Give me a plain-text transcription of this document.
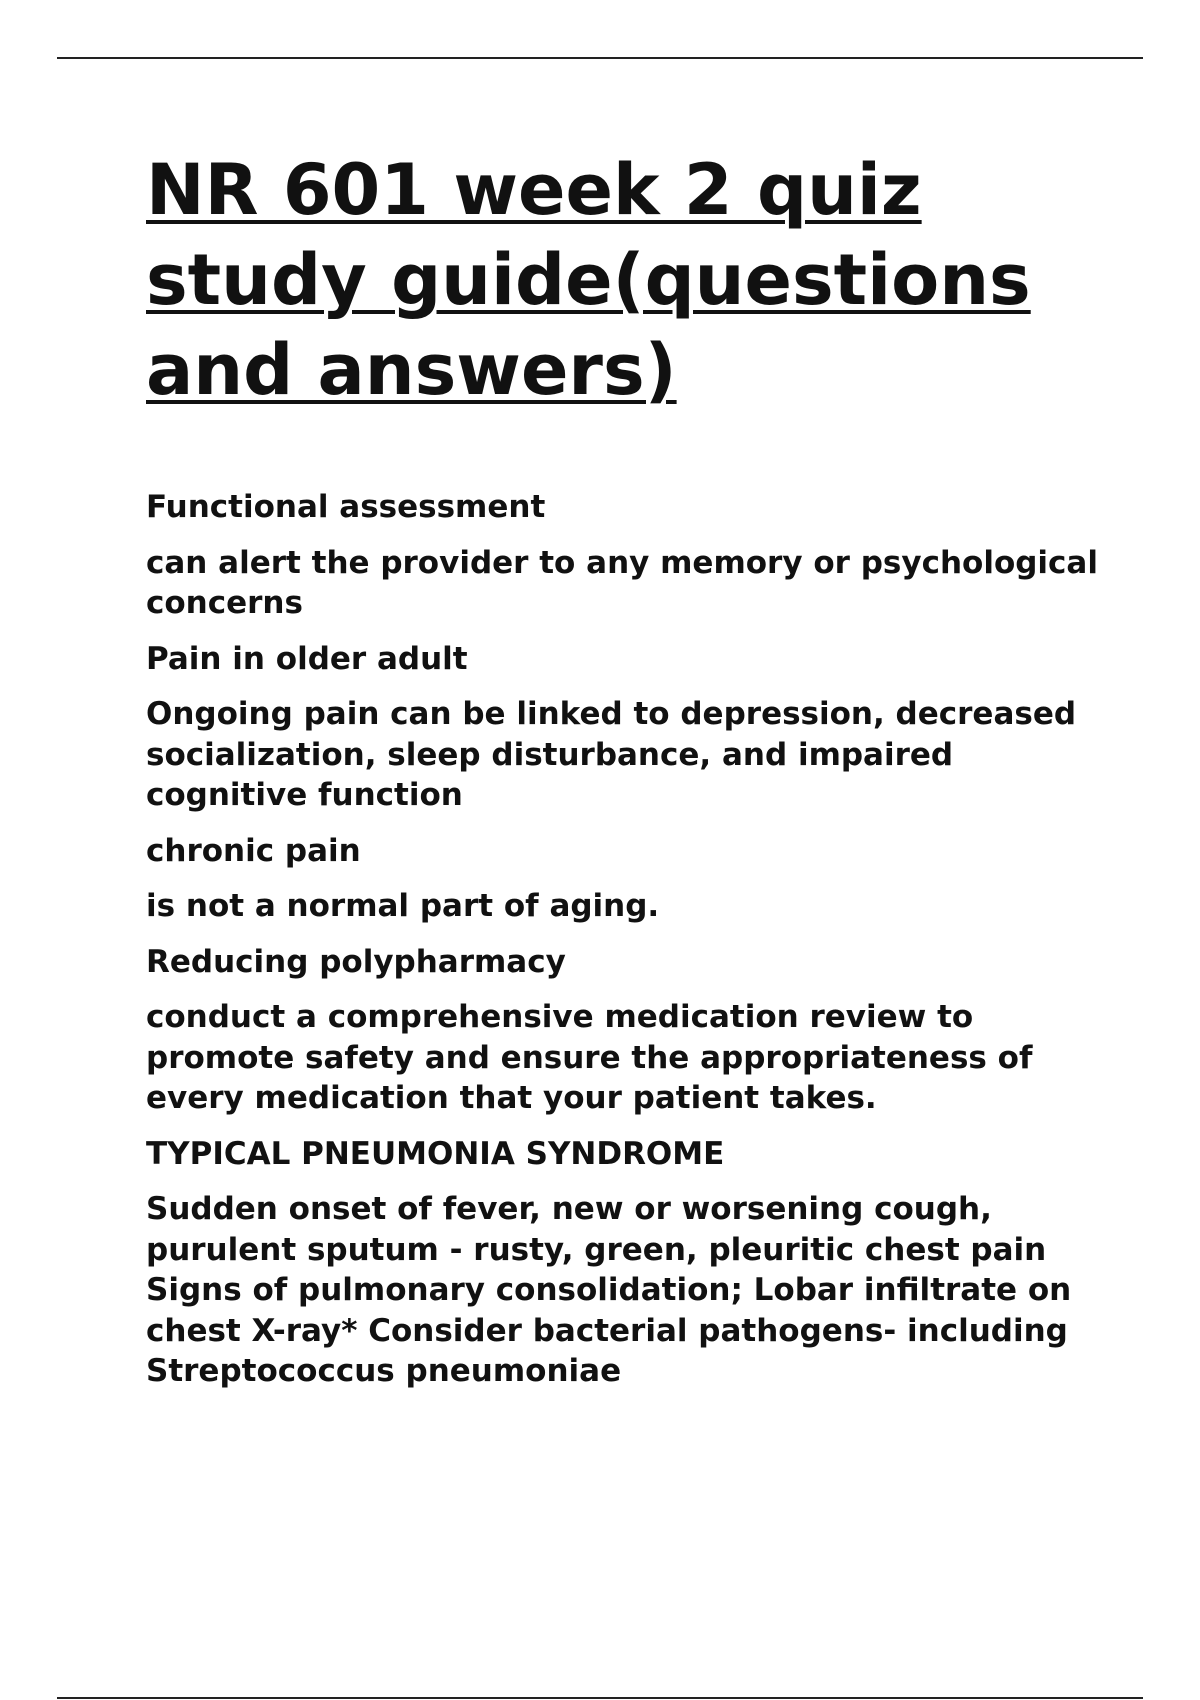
NR 601 week 2 quiz study guide(questions and answers)

Functional assessment

can alert the provider to any memory or psychological concerns

Pain in older adult

Ongoing pain can be linked to depression, decreased socialization, sleep disturbance, and impaired cognitive function

chronic pain

is not a normal part of aging.

Reducing polypharmacy

conduct a comprehensive medication review to promote safety and ensure the appropriateness of every medication that your patient takes.

TYPICAL PNEUMONIA SYNDROME

Sudden onset of fever, new or worsening cough, purulent sputum - rusty, green, pleuritic chest pain Signs of pulmonary consolidation; Lobar infiltrate on chest X-ray* Consider bacterial pathogens- including Streptococcus pneumoniae
